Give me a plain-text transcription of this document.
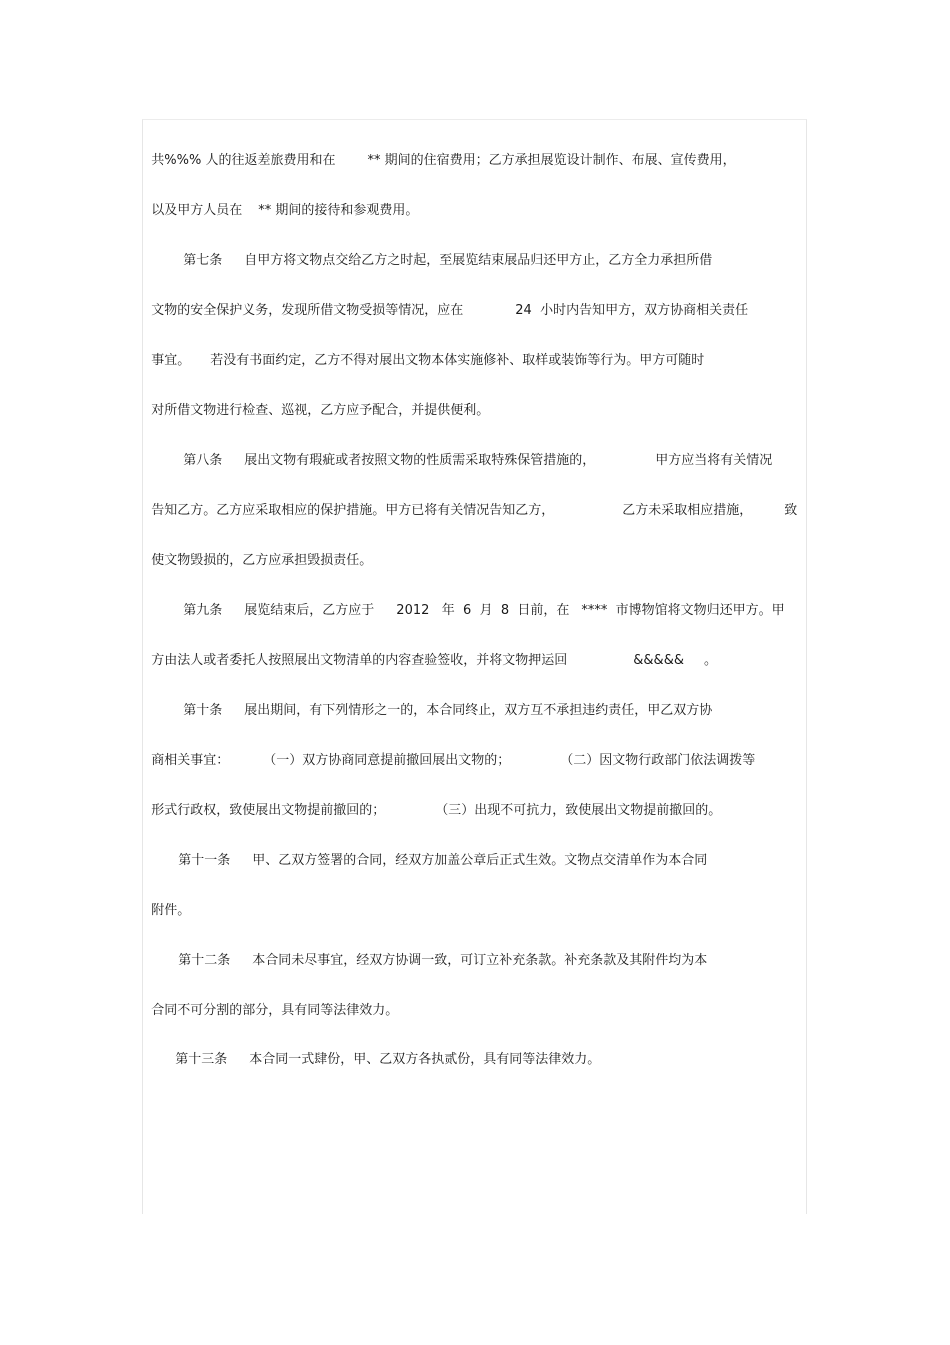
共%%% 人的往返差旅费用和在 ** 期间的住宿费用；乙方承担展览设计制作、布展、宣传费用，

以及甲方人员在 ** 期间的接待和参观费用。

第七条 自甲方将文物点交给乙方之时起，至展览结束展品归还甲方止，乙方全力承担所借

文物的安全保护义务，发现所借文物受损等情况，应在	24  小时内告知甲方，双方协商相关责任

事宜。 若没有书面约定，乙方不得对展出文物本体实施修补、取样或装饰等行为。甲方可随时

对所借文物进行检查、巡视，乙方应予配合，并提供便利。

第八条 展出文物有瑕疵或者按照文物的性质需采取特殊保管措施的，	甲方应当将有关情况

告知乙方。乙方应采取相应的保护措施。甲方已将有关情况告知乙方，	乙方未采取相应措施， 致

使文物毁损的，乙方应承担毁损责任。

第九条 展览结束后，乙方应于 2012   年  6  月  8  日前，在 ****  市博物馆将文物归还甲方。甲

方由法人或者委托人按照展出文物清单的内容查验签收，并将文物押运回	&&&&& 。

第十条 展出期间，有下列情形之一的，本合同终止，双方互不承担违约责任，甲乙双方协

商相关事宜：	（一）双方协商同意提前撤回展出文物的；	（二）因文物行政部门依法调拨等

形式行政权，致使展出文物提前撤回的；	（三）出现不可抗力，致使展出文物提前撤回的。

第十一条 甲、乙双方签署的合同，经双方加盖公章后正式生效。文物点交清单作为本合同

附件。

第十二条 本合同未尽事宜，经双方协调一致，可订立补充条款。补充条款及其附件均为本

合同不可分割的部分，具有同等法律效力。

第十三条 本合同一式肆份，甲、乙双方各执贰份，具有同等法律效力。
